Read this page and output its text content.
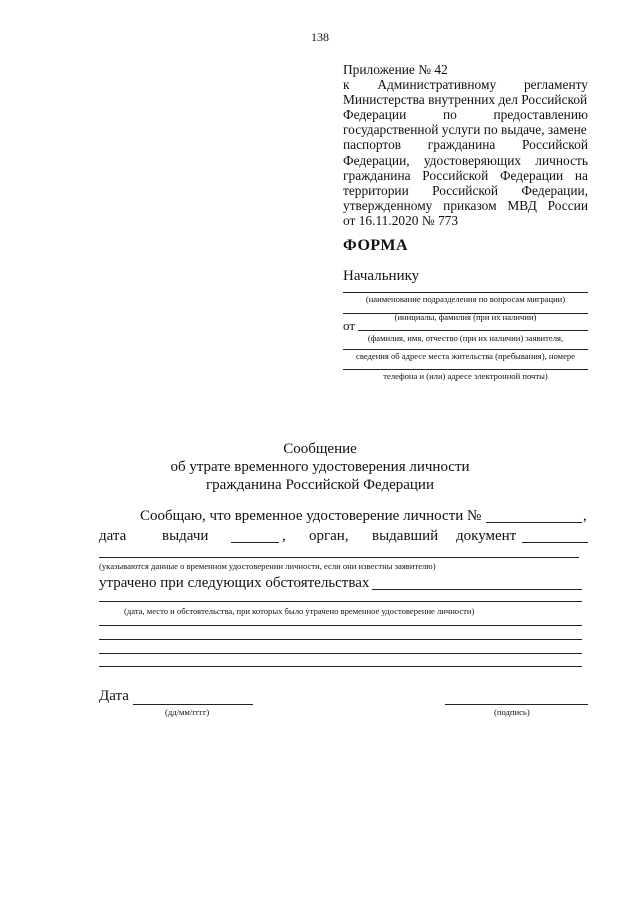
138
Приложение № 42
к Административному регламенту
Министерства внутренних дел Российской
Федерации по предоставлению
государственной услуги по выдаче, замене
паспортов гражданина Российской
Федерации, удостоверяющих личность
гражданина Российской Федерации на
территории Российской Федерации,
утвержденному приказом МВД России
от 16.11.2020 № 773
ФОРМА
Начальнику
(наименование подразделения по вопросам миграции)
(инициалы, фамилия (при их наличии)
от
(фамилия, имя, отчество (при их наличии) заявителя,
сведения об адресе места жительства (пребывания), номере
телефона и (или) адресе электронной почты)
Сообщение
об утрате временного удостоверения личности
гражданина Российской Федерации
Сообщаю, что временное удостоверение личности №	,
дата выдачи	, орган, выдавший документ
(указываются данные о временном удостоверении личности, если они известны заявителю)
утрачено при следующих обстоятельствах
(дата, место и обстоятельства, при которых было утрачено временное удостоверение личности)
Дата
(дд/мм/гггг)	(подпись)
